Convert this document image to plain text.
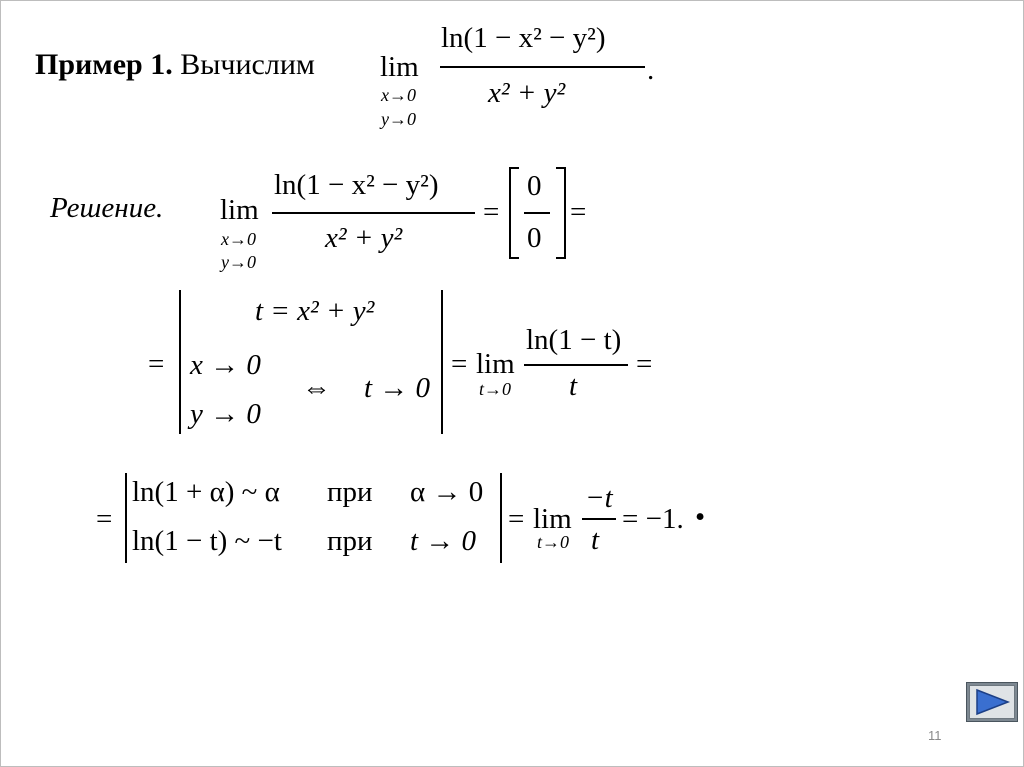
Пример 1. Вычислим lim
x→0
y→0
ln(1 − x² − y²)
x² + y²
.
Решение. lim
x→0
y→0
ln(1 − x² − y²)
x² + y²
=
0
0
=
=
t = x² + y²
x → 0
⇔ t → 0
y → 0
= lim
t→0
ln(1 − t)
t
=
=
ln(1 + α) ~ α при α → 0
ln(1 − t) ~ −t при t → 0
= lim
t→0
−t
t
= −1. •
11
